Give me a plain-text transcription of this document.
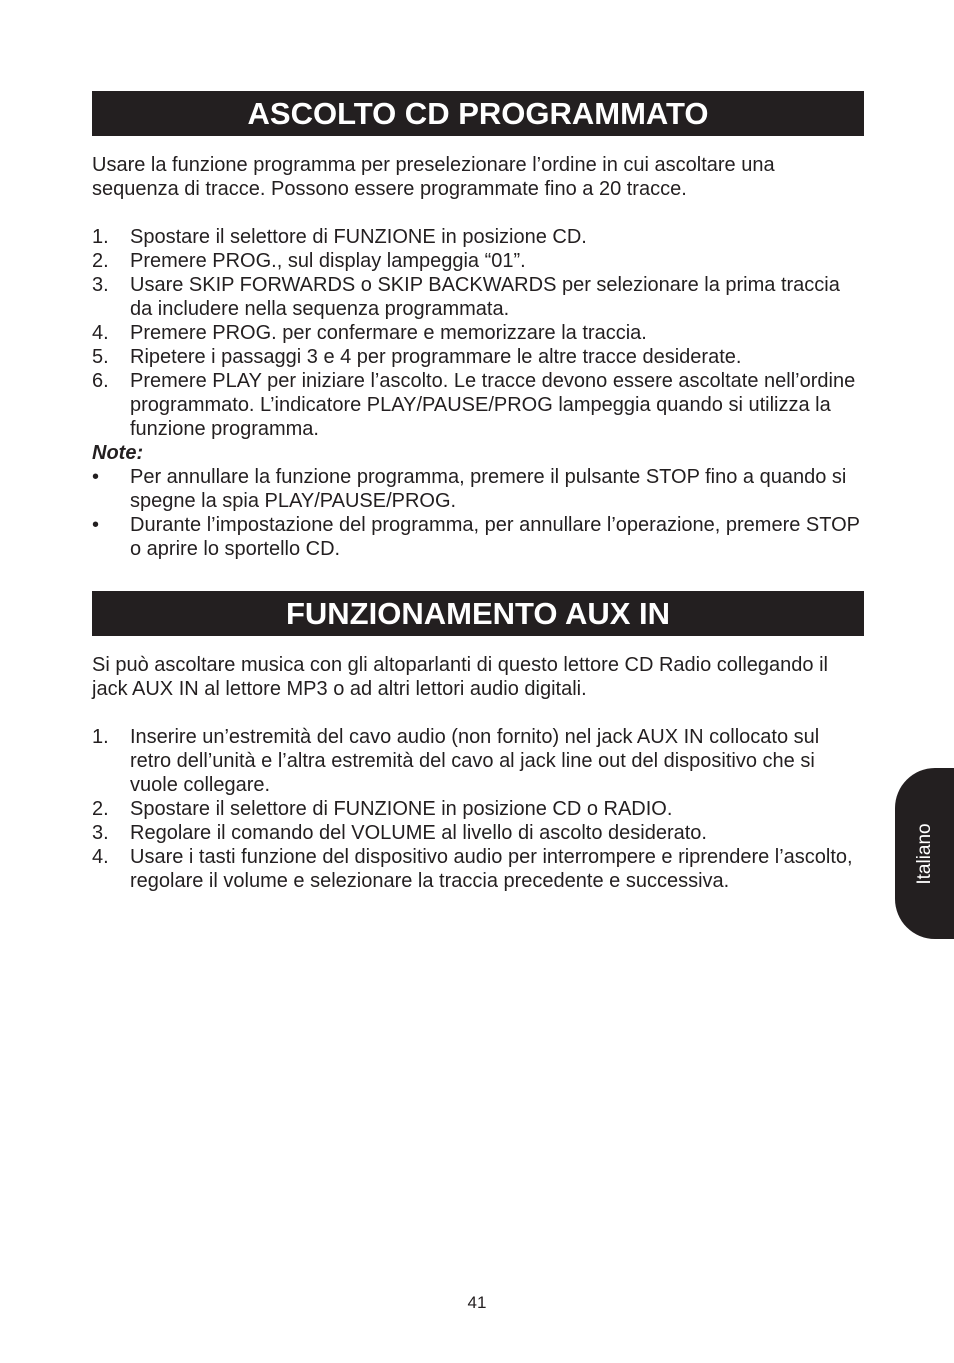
ASCOLTO CD PROGRAMMATO
Usare la funzione programma per preselezionare l’ordine in cui ascoltare una sequenza di tracce. Possono essere programmate fino a 20 tracce.
1.	Spostare il selettore di FUNZIONE in posizione CD.
2.	Premere PROG., sul display lampeggia “01”.
3.	Usare SKIP FORWARDS o SKIP BACKWARDS per selezionare la prima traccia da includere nella sequenza programmata.
4.	Premere PROG. per confermare e memorizzare la traccia.
5.	Ripetere i passaggi 3 e 4 per programmare le altre tracce desiderate.
6.	Premere PLAY per iniziare l’ascolto. Le tracce devono essere ascoltate nell’ordine programmato. L’indicatore PLAY/PAUSE/PROG lampeggia quando si utilizza la funzione programma.
Note:
•	Per annullare la funzione programma, premere il pulsante STOP fino a quando si spegne la spia PLAY/PAUSE/PROG.
•	Durante l’impostazione del programma, per annullare l’operazione, premere STOP o aprire lo sportello CD.
FUNZIONAMENTO AUX IN
Si può ascoltare musica con gli altoparlanti di questo lettore CD Radio collegando il jack AUX IN al lettore MP3 o ad altri lettori audio digitali.
1.	Inserire un’estremità del cavo audio (non fornito) nel jack AUX IN collocato sul retro dell’unità e l’altra estremità del cavo al jack line out del dispositivo che si vuole collegare.
2.	Spostare il selettore di FUNZIONE in posizione CD o RADIO.
3.	Regolare il comando del VOLUME al livello di ascolto desiderato.
4.	Usare i tasti funzione del dispositivo audio per interrompere e riprendere l’ascolto, regolare il volume e selezionare la traccia precedente e successiva.	Italiano
41
